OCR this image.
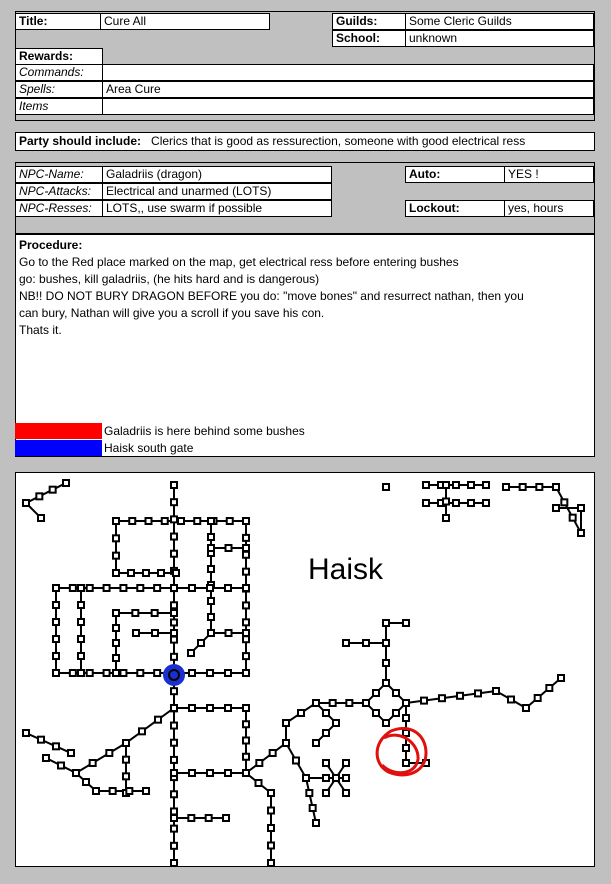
Title:	Cure All	Guilds:	Some Cleric Guilds
School:	unknown
Rewards:
Commands:
Spells:	Area Cure
Items
Party should include: Clerics that is good as ressurection, someone with good electrical ress
NPC-Name:	Galadriis (dragon)
NPC-Attacks:	Electrical and unarmed (LOTS)
NPC-Resses:	LOTS,, use swarm if possible
Auto:	YES !
Lockout:	yes, hours
Procedure:
Go to the Red place marked on the map, get electrical ress before entering bushes
go: bushes, kill galadriis, (he hits hard and is dangerous)
NB!! DO NOT BURY DRAGON BEFORE you do: "move bones" and resurrect nathan, then you
can bury, Nathan will give you a scroll if you save his con.
Thats it.
Galadriis is here behind some bushes
Haisk south gate
Haisk
